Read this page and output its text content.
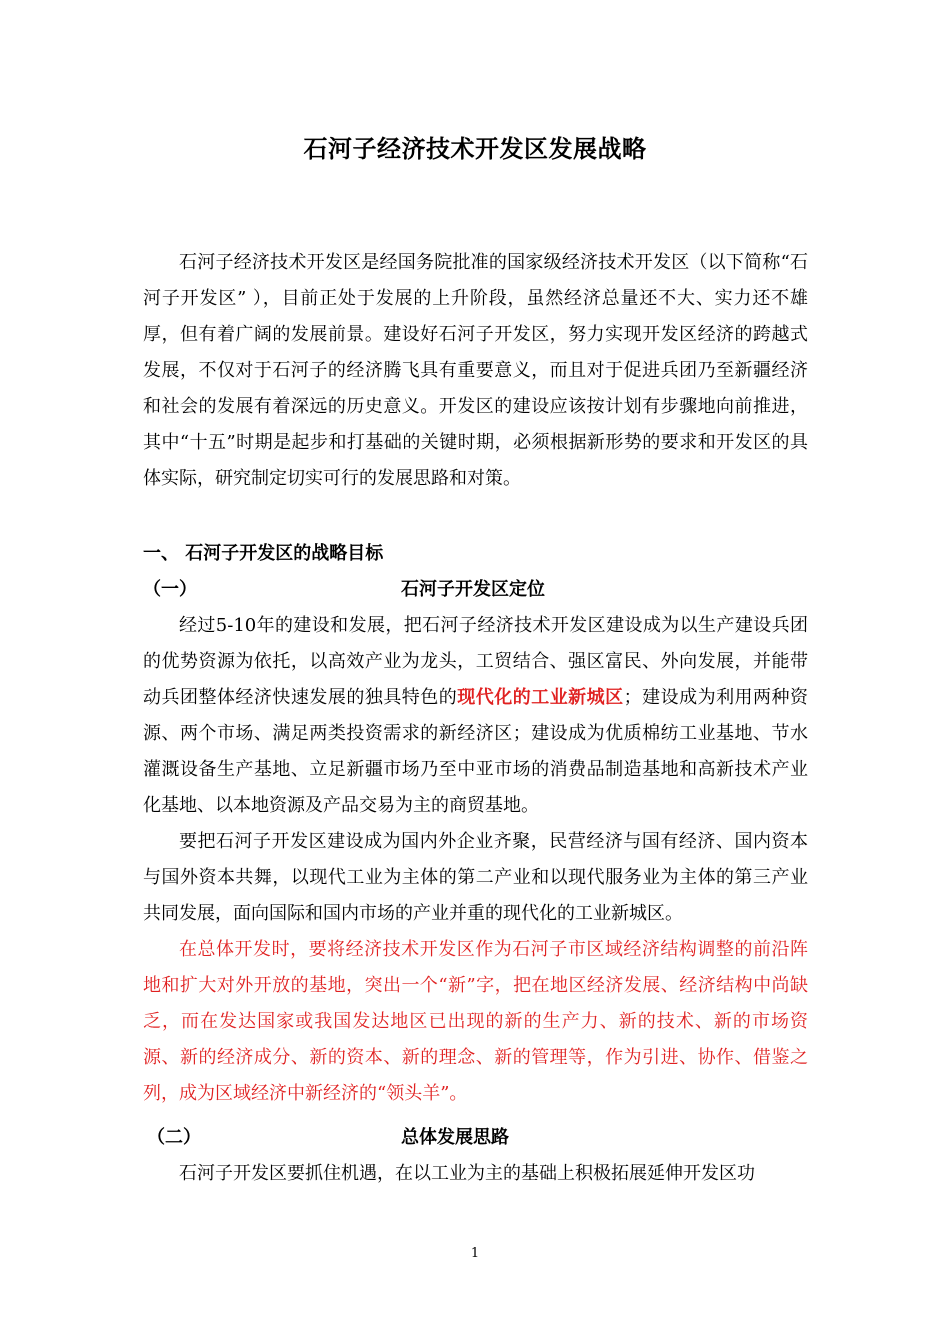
石河子经济技术开发区发展战略

石河子经济技术开发区是经国务院批准的国家级经济技术开发区（以下简称“石河子开发区” ），目前正处于发展的上升阶段，虽然经济总量还不大、实力还不雄厚，但有着广阔的发展前景。建设好石河子开发区，努力实现开发区经济的跨越式发展，不仅对于石河子的经济腾飞具有重要意义，而且对于促进兵团乃至新疆经济和社会的发展有着深远的历史意义。开发区的建设应该按计划有步骤地向前推进，其中“十五”时期是起步和打基础的关键时期，必须根据新形势的要求和开发区的具体实际，研究制定切实可行的发展思路和对策。

一、 石河子开发区的战略目标
（一）	石河子开发区定位

经过5-10年的建设和发展，把石河子经济技术开发区建设成为以生产建设兵团的优势资源为依托，以高效产业为龙头，工贸结合、强区富民、外向发展，并能带动兵团整体经济快速发展的独具特色的现代化的工业新城区；建设成为利用两种资源、两个市场、满足两类投资需求的新经济区；建设成为优质棉纺工业基地、节水灌溉设备生产基地、立足新疆市场乃至中亚市场的消费品制造基地和高新技术产业化基地、以本地资源及产品交易为主的商贸基地。

要把石河子开发区建设成为国内外企业齐聚，民营经济与国有经济、国内资本与国外资本共舞，以现代工业为主体的第二产业和以现代服务业为主体的第三产业共同发展，面向国际和国内市场的产业并重的现代化的工业新城区。

在总体开发时，要将经济技术开发区作为石河子市区域经济结构调整的前沿阵地和扩大对外开放的基地，突出一个“新”字，把在地区经济发展、经济结构中尚缺乏，而在发达国家或我国发达地区已出现的新的生产力、新的技术、新的市场资源、新的经济成分、新的资本、新的理念、新的管理等，作为引进、协作、借鉴之列，成为区域经济中新经济的“领头羊”。

（二）	总体发展思路

石河子开发区要抓住机遇，在以工业为主的基础上积极拓展延伸开发区功

1
